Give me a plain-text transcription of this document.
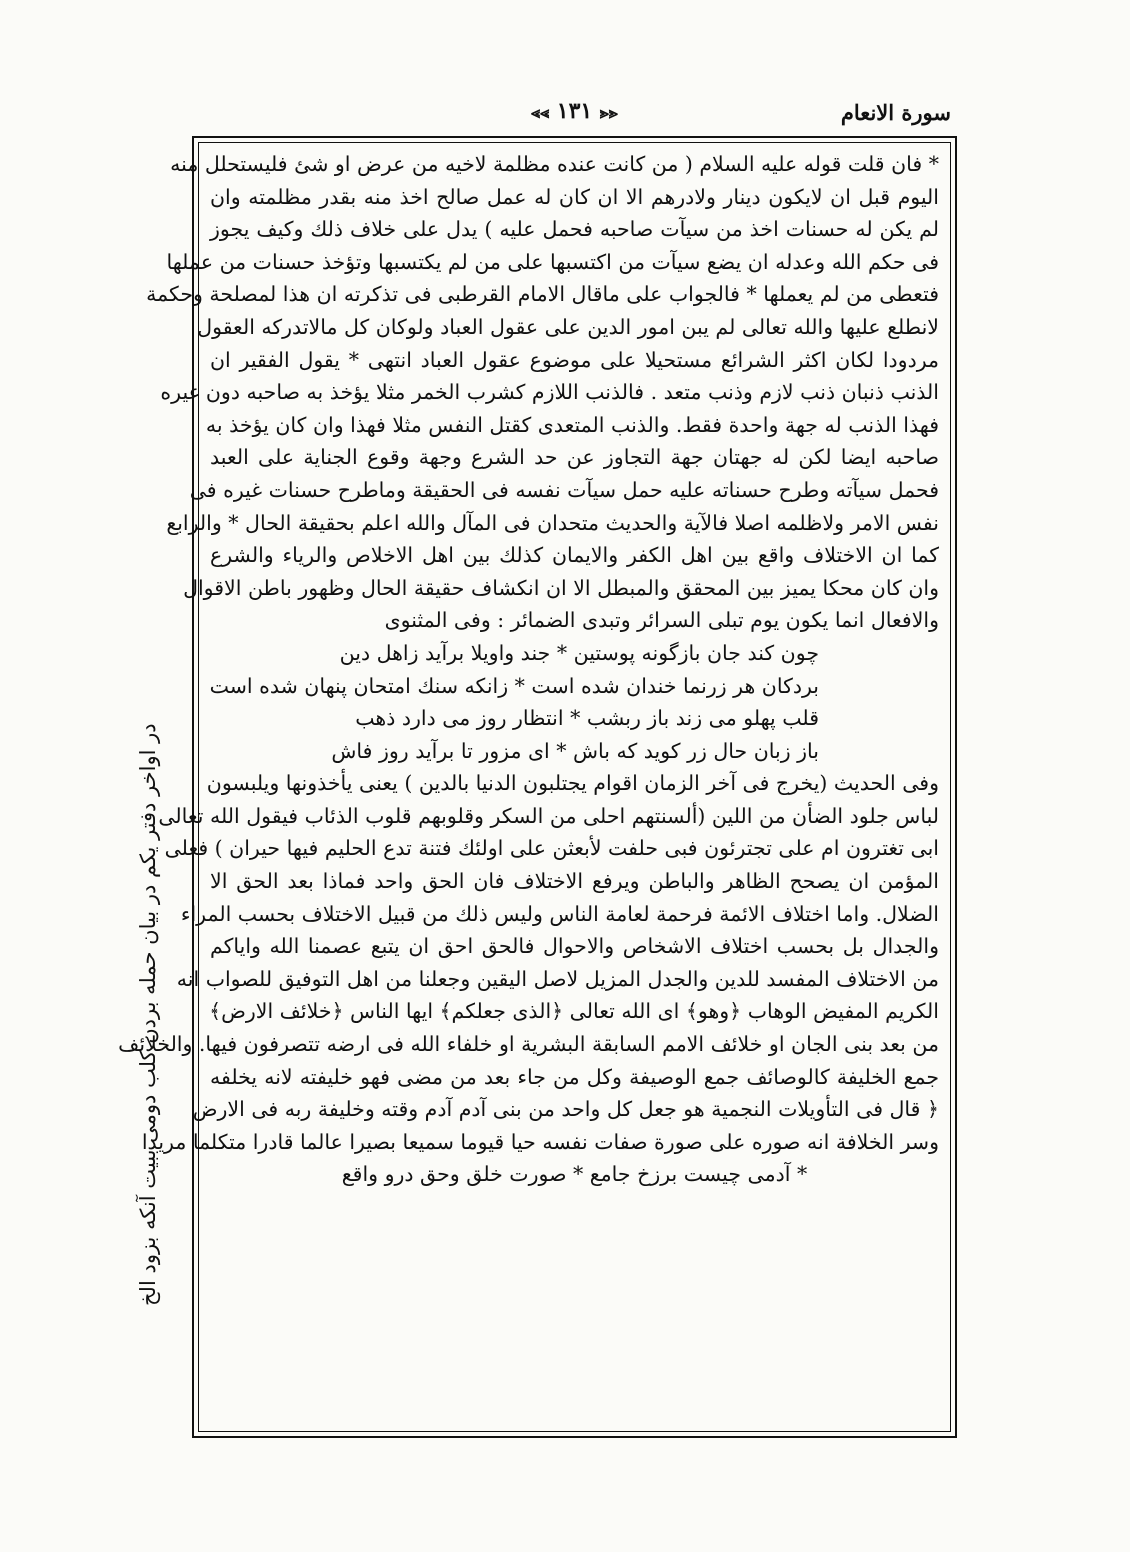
سورة الانعام
⪡⪡ ١٣١ ⪢⪢
* فان قلت قوله عليه السلام ( من كانت عنده مظلمة لاخيه من عرض او شئ فليستحلل منه
اليوم قبل ان لايكون دينار ولادرهم الا ان كان له عمل صالح اخذ منه بقدر مظلمته وان
لم يكن له حسنات اخذ من سيآت صاحبه فحمل عليه ) يدل على خلاف ذلك وكيف يجوز
فى حكم الله وعدله ان يضع سيآت من اكتسبها على من لم يكتسبها وتؤخذ حسنات من عملها
فتعطى من لم يعملها * فالجواب على ماقال الامام القرطبى فى تذكرته ان هذا لمصلحة وحكمة
لانطلع عليها والله تعالى لم يبن امور الدين على عقول العباد ولوكان كل مالاتدركه العقول
مردودا لكان اكثر الشرائع مستحيلا على موضوع عقول العباد انتهى * يقول الفقير ان
الذنب ذنبان ذنب لازم وذنب متعد . فالذنب اللازم كشرب الخمر مثلا يؤخذ به صاحبه دون غيره
فهذا الذنب له جهة واحدة فقط. والذنب المتعدى كقتل النفس مثلا فهذا وان كان يؤخذ به
صاحبه ايضا لكن له جهتان جهة التجاوز عن حد الشرع وجهة وقوع الجناية على العبد
فحمل سيآته وطرح حسناته عليه حمل سيآت نفسه فى الحقيقة وماطرح حسنات غيره فى
نفس الامر ولاظلمه اصلا فالآية والحديث متحدان فى المآل والله اعلم بحقيقة الحال * والرابع
كما ان الاختلاف واقع بين اهل الكفر والايمان كذلك بين اهل الاخلاص والرياء والشرع
وان كان محكا يميز بين المحقق والمبطل الا ان انكشاف حقيقة الحال وظهور باطن الاقوال
والافعال انما يكون يوم تبلى السرائر وتبدى الضمائر : وفى المثنوى
چون كند جان بازگونه پوستين * جند واويلا برآيد زاهل دين
بردكان هر زرنما خندان شده است * زانكه سنك امتحان پنهان شده است
قلب پهلو مى زند باز ربشب * انتظار روز مى دارد ذهب
باز زبان حال زر كويد كه باش * اى مزور تا برآيد روز فاش
وفى الحديث (يخرج فى آخر الزمان اقوام يجتلبون الدنيا بالدين ) يعنى يأخذونها ويلبسون
لباس جلود الضأن من اللين (ألسنتهم احلى من السكر وقلوبهم قلوب الذئاب فيقول الله تعالى
ابى تغترون ام على تجترئون فبى حلفت لأبعثن على اولئك فتنة تدع الحليم فيها حيران ) فعلى
المؤمن ان يصحح الظاهر والباطن ويرفع الاختلاف فان الحق واحد فماذا بعد الحق الا
الضلال. واما اختلاف الائمة فرحمة لعامة الناس وليس ذلك من قبيل الاختلاف بحسب المراء
والجدال بل بحسب اختلاف الاشخاص والاحوال فالحق احق ان يتبع عصمنا الله واياكم
من الاختلاف المفسد للدين والجدل المزيل لاصل اليقين وجعلنا من اهل التوفيق للصواب انه
الكريم المفيض الوهاب ﴿وهو﴾ اى الله تعالى ﴿الذى جعلكم﴾ ايها الناس ﴿خلائف الارض﴾
من بعد بنى الجان او خلائف الامم السابقة البشرية او خلفاء الله فى ارضه تتصرفون فيها. والخلائف
جمع الخليفة كالوصائف جمع الوصيفة وكل من جاء بعد من مضى فهو خليفته لانه يخلفه
﴿ قال فى التأويلات النجمية هو جعل كل واحد من بنى آدم آدم وقته وخليفة ربه فى الارض
وسر الخلافة انه صوره على صورة صفات نفسه حيا قيوما سميعا بصيرا عالما قادرا متكلما مريدا
* آدمى چيست برزخ جامع * صورت خلق وحق درو واقع
در اواخر دفتر يكم در بيان حمله بردن كلب دومى ببيت آنكه بزود الخ
